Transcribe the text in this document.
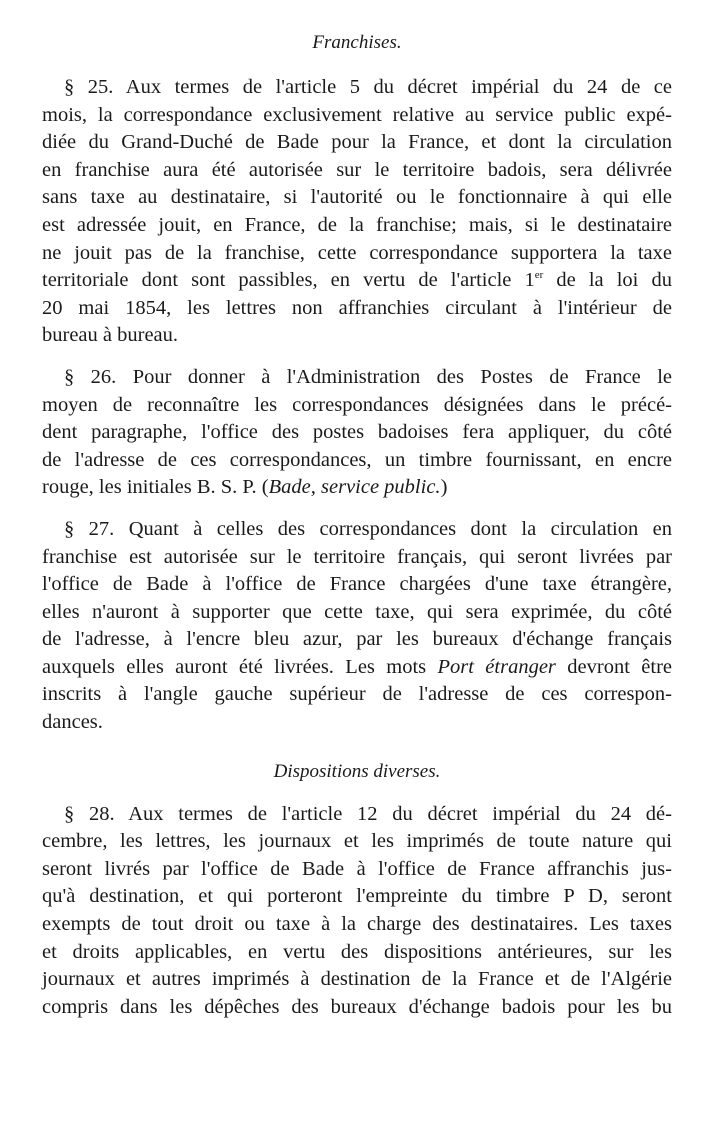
Franchises.
§ 25. Aux termes de l'article 5 du décret impérial du 24 de ce
mois, la correspondance exclusivement relative au service public expé-
diée du Grand-Duché de Bade pour la France, et dont la circulation
en franchise aura été autorisée sur le territoire badois, sera délivrée
sans taxe au destinataire, si l'autorité ou le fonctionnaire à qui elle
est adressée jouit, en France, de la franchise; mais, si le destinataire
ne jouit pas de la franchise, cette correspondance supportera la taxe
territoriale dont sont passibles, en vertu de l'article 1er de la loi du
20 mai 1854, les lettres non affranchies circulant à l'intérieur de
bureau à bureau.
§ 26. Pour donner à l'Administration des Postes de France le
moyen de reconnaître les correspondances désignées dans le précé-
dent paragraphe, l'office des postes badoises fera appliquer, du côté
de l'adresse de ces correspondances, un timbre fournissant, en encre
rouge, les initiales B. S. P. (Bade, service public.)
§ 27. Quant à celles des correspondances dont la circulation en
franchise est autorisée sur le territoire français, qui seront livrées par
l'office de Bade à l'office de France chargées d'une taxe étrangère,
elles n'auront à supporter que cette taxe, qui sera exprimée, du côté
de l'adresse, à l'encre bleu azur, par les bureaux d'échange français
auxquels elles auront été livrées. Les mots Port étranger devront être
inscrits à l'angle gauche supérieur de l'adresse de ces correspon-
dances.
Dispositions diverses.
§ 28. Aux termes de l'article 12 du décret impérial du 24 dé-
cembre, les lettres, les journaux et les imprimés de toute nature qui
seront livrés par l'office de Bade à l'office de France affranchis jus-
qu'à destination, et qui porteront l'empreinte du timbre P D, seront
exempts de tout droit ou taxe à la charge des destinataires. Les taxes
et droits applicables, en vertu des dispositions antérieures, sur les
journaux et autres imprimés à destination de la France et de l'Algérie
compris dans les dépêches des bureaux d'échange badois pour les bu
